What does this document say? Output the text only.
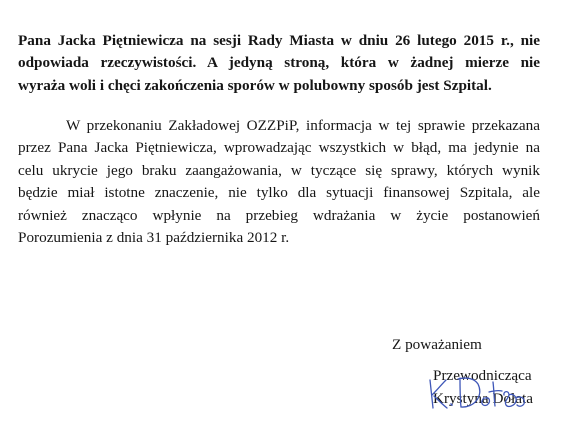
Pana Jacka Piętniewicza na sesji Rady Miasta w dniu 26 lutego 2015 r., nie
odpowiada rzeczywistości. A jedyną stroną, która w żadnej mierze nie
wyraża woli i chęci zakończenia sporów w polubowny sposób jest Szpital.

W przekonaniu Zakładowej OZZPiP, informacja w tej sprawie przekazana
przez Pana Jacka Piętniewicza, wprowadzając wszystkich w błąd, ma jedynie na
celu ukrycie jego braku zaangażowania, w tyczące się sprawy, których wynik
będzie miał istotne znaczenie, nie tylko dla sytuacji finansowej Szpitala, ale
również znacząco wpłynie na przebieg wdrażania w życie postanowień
Porozumienia z dnia 31 października 2012 r.

Z poważaniem
Przewodnicząca
Krystyna Dołata
